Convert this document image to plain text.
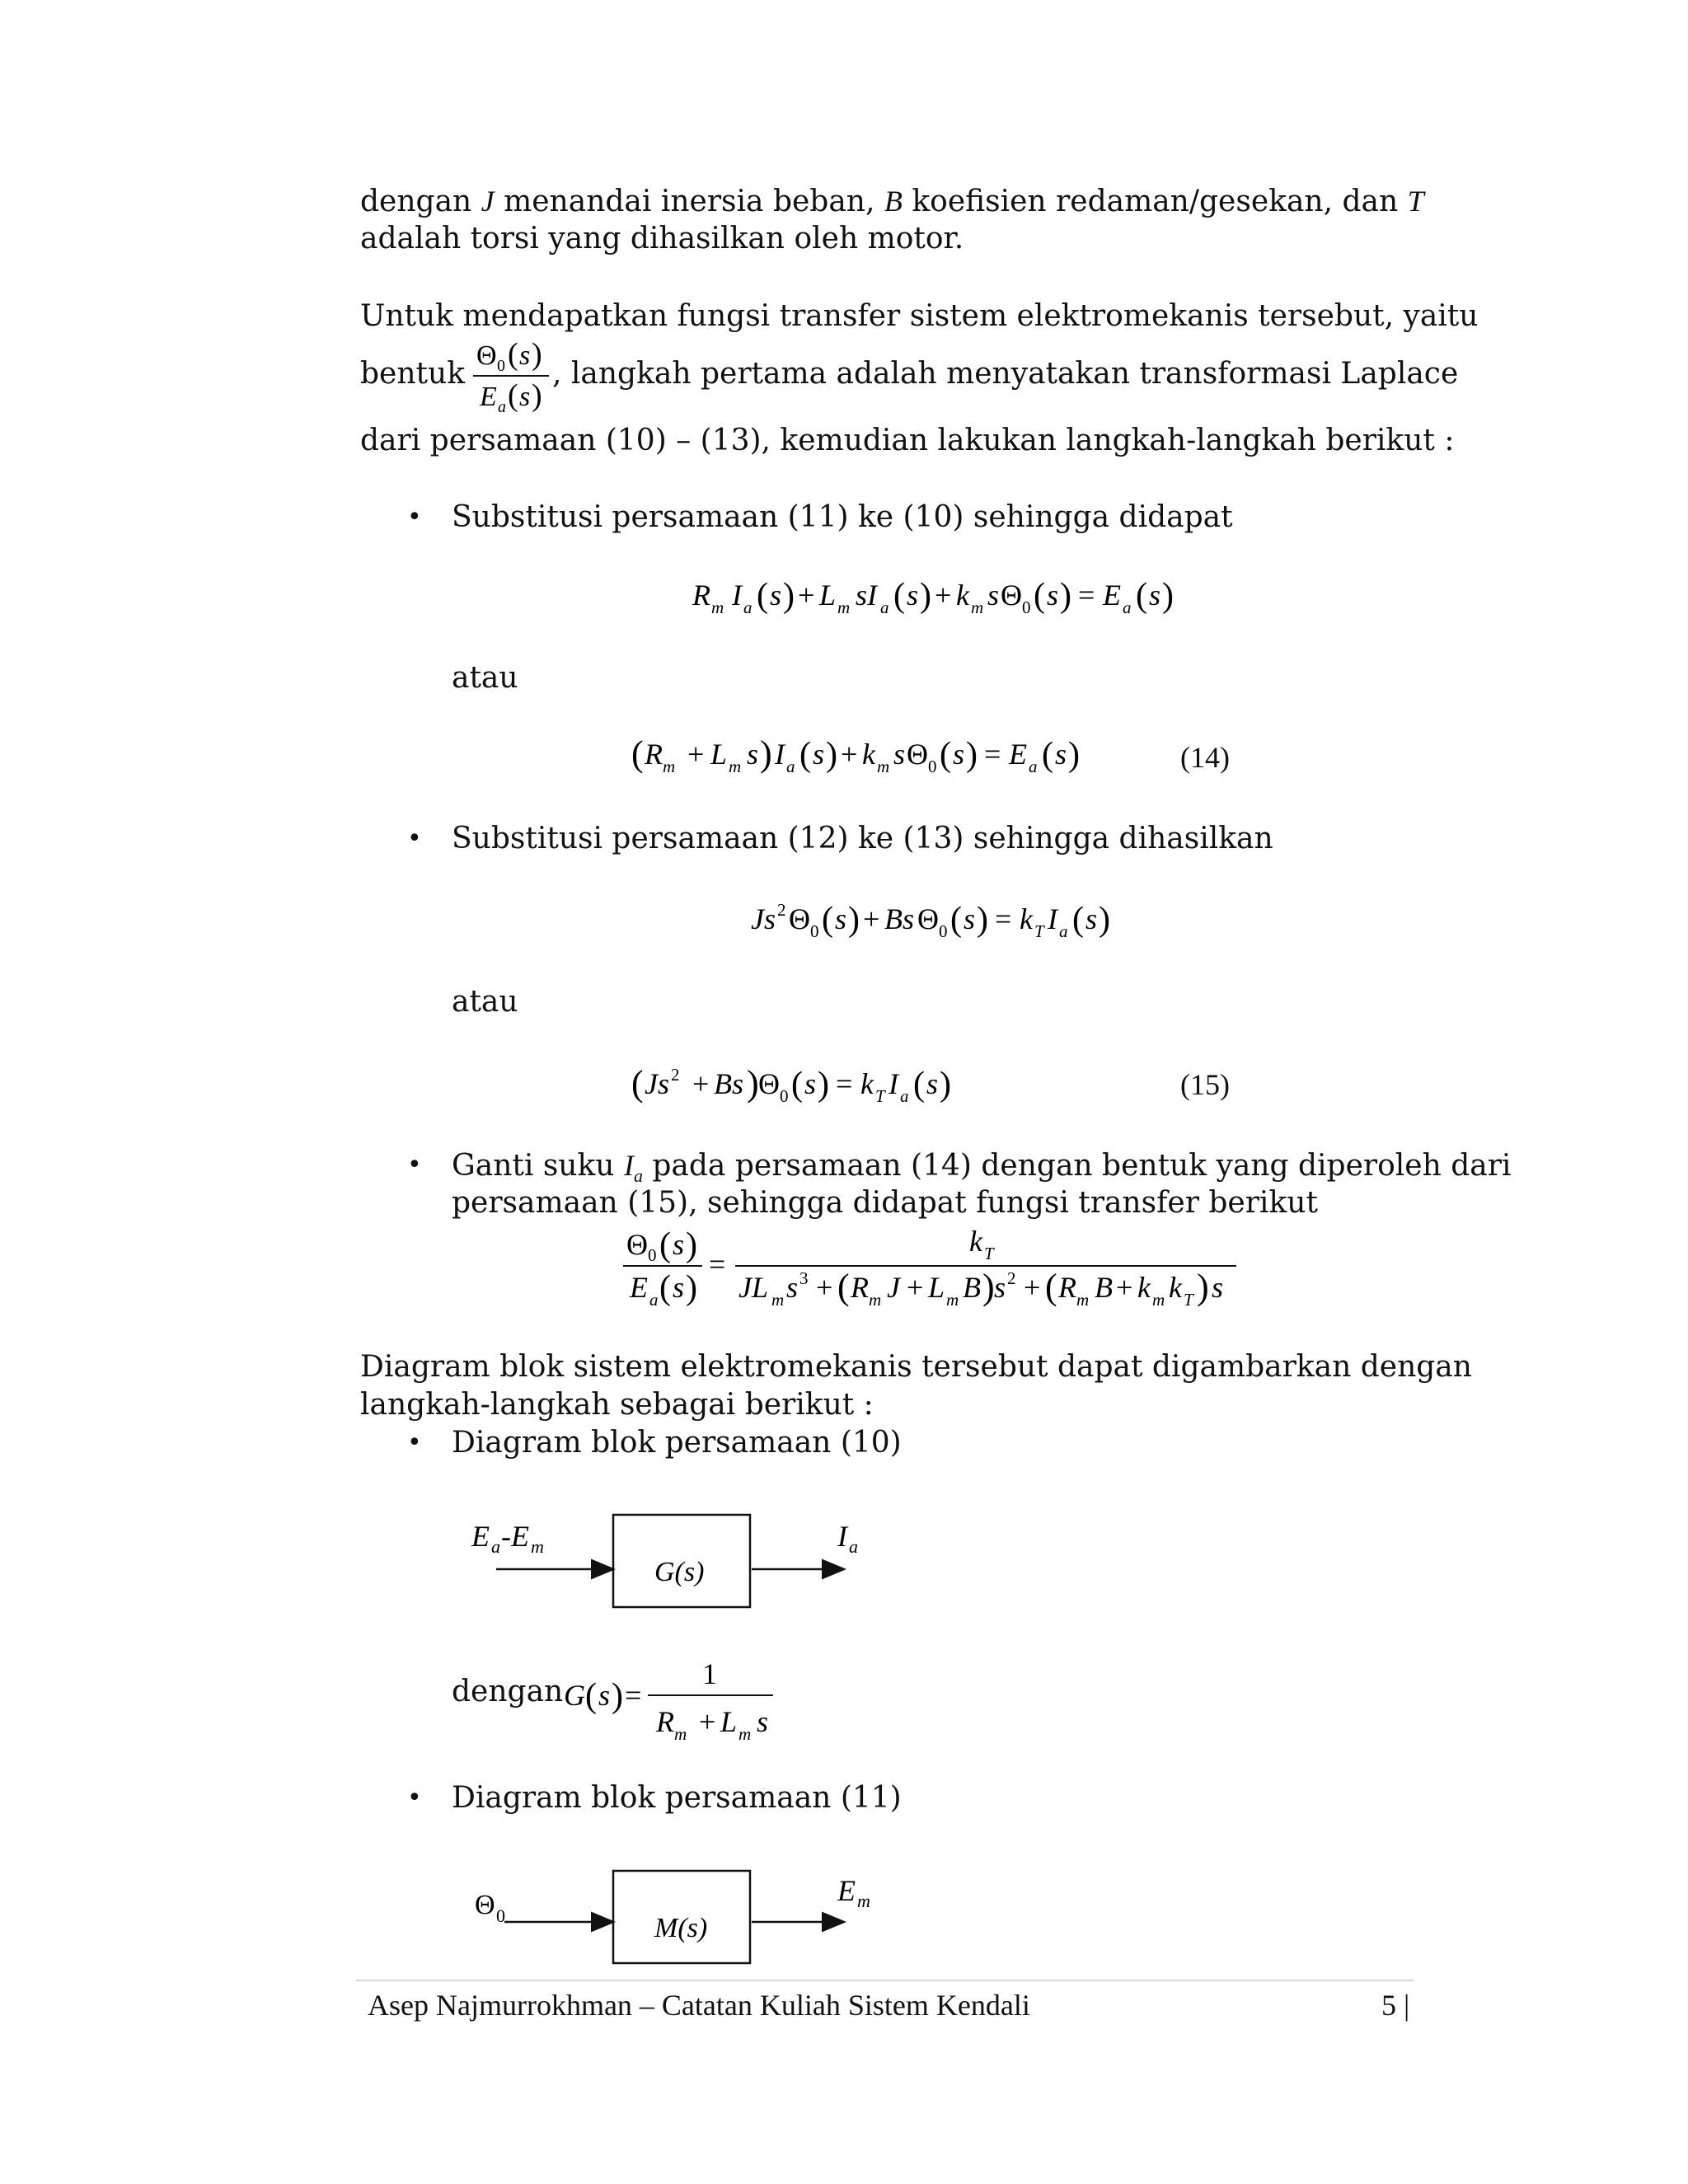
dengan J menandai inersia beban, B koefisien redaman/gesekan, dan T
adalah torsi yang dihasilkan oleh motor.
Untuk mendapatkan fungsi transfer sistem elektromekanis tersebut, yaitu
bentuk
Θ 0 ( s )
E a ( s )
, langkah pertama adalah menyatakan transformasi Laplace
dari persamaan (10) – (13), kemudian lakukan langkah-langkah berikut :
• Substitusi persamaan (11) ke (10) sehingga didapat
R m I a ( s ) + L m sI a ( s ) + k m s Θ 0 ( s ) = E a ( s )
atau
( R m + L m s ) I a ( s ) + k m s Θ 0 ( s ) = E a ( s )	(14)
• Substitusi persamaan (12) ke (13) sehingga dihasilkan
Js 2 Θ 0 ( s ) + Bs Θ 0 ( s ) = k T I a ( s )
atau
( Js 2 + Bs ) Θ 0 ( s ) = k T I a ( s )	(15)
• Ganti suku $I_a$ pada persamaan (14) dengan bentuk yang diperoleh dari
persamaan (15), sehingga didapat fungsi transfer berikut
Θ 0 ( s )
E a ( s )
=
k T
JL m s 3 + ( R m J + L m B ) s 2 + ( R m B + k m k T ) s
Diagram blok sistem elektromekanis tersebut dapat digambarkan dengan
langkah-langkah sebagai berikut :
• Diagram blok persamaan (10)
E a -E m
G(s)
I a
dengan G ( s ) =
1
R m + L m s
• Diagram blok persamaan (11)
Θ 0	M(s)
E m
Asep Najmurrokhman – Catatan Kuliah Sistem Kendali	5 |
